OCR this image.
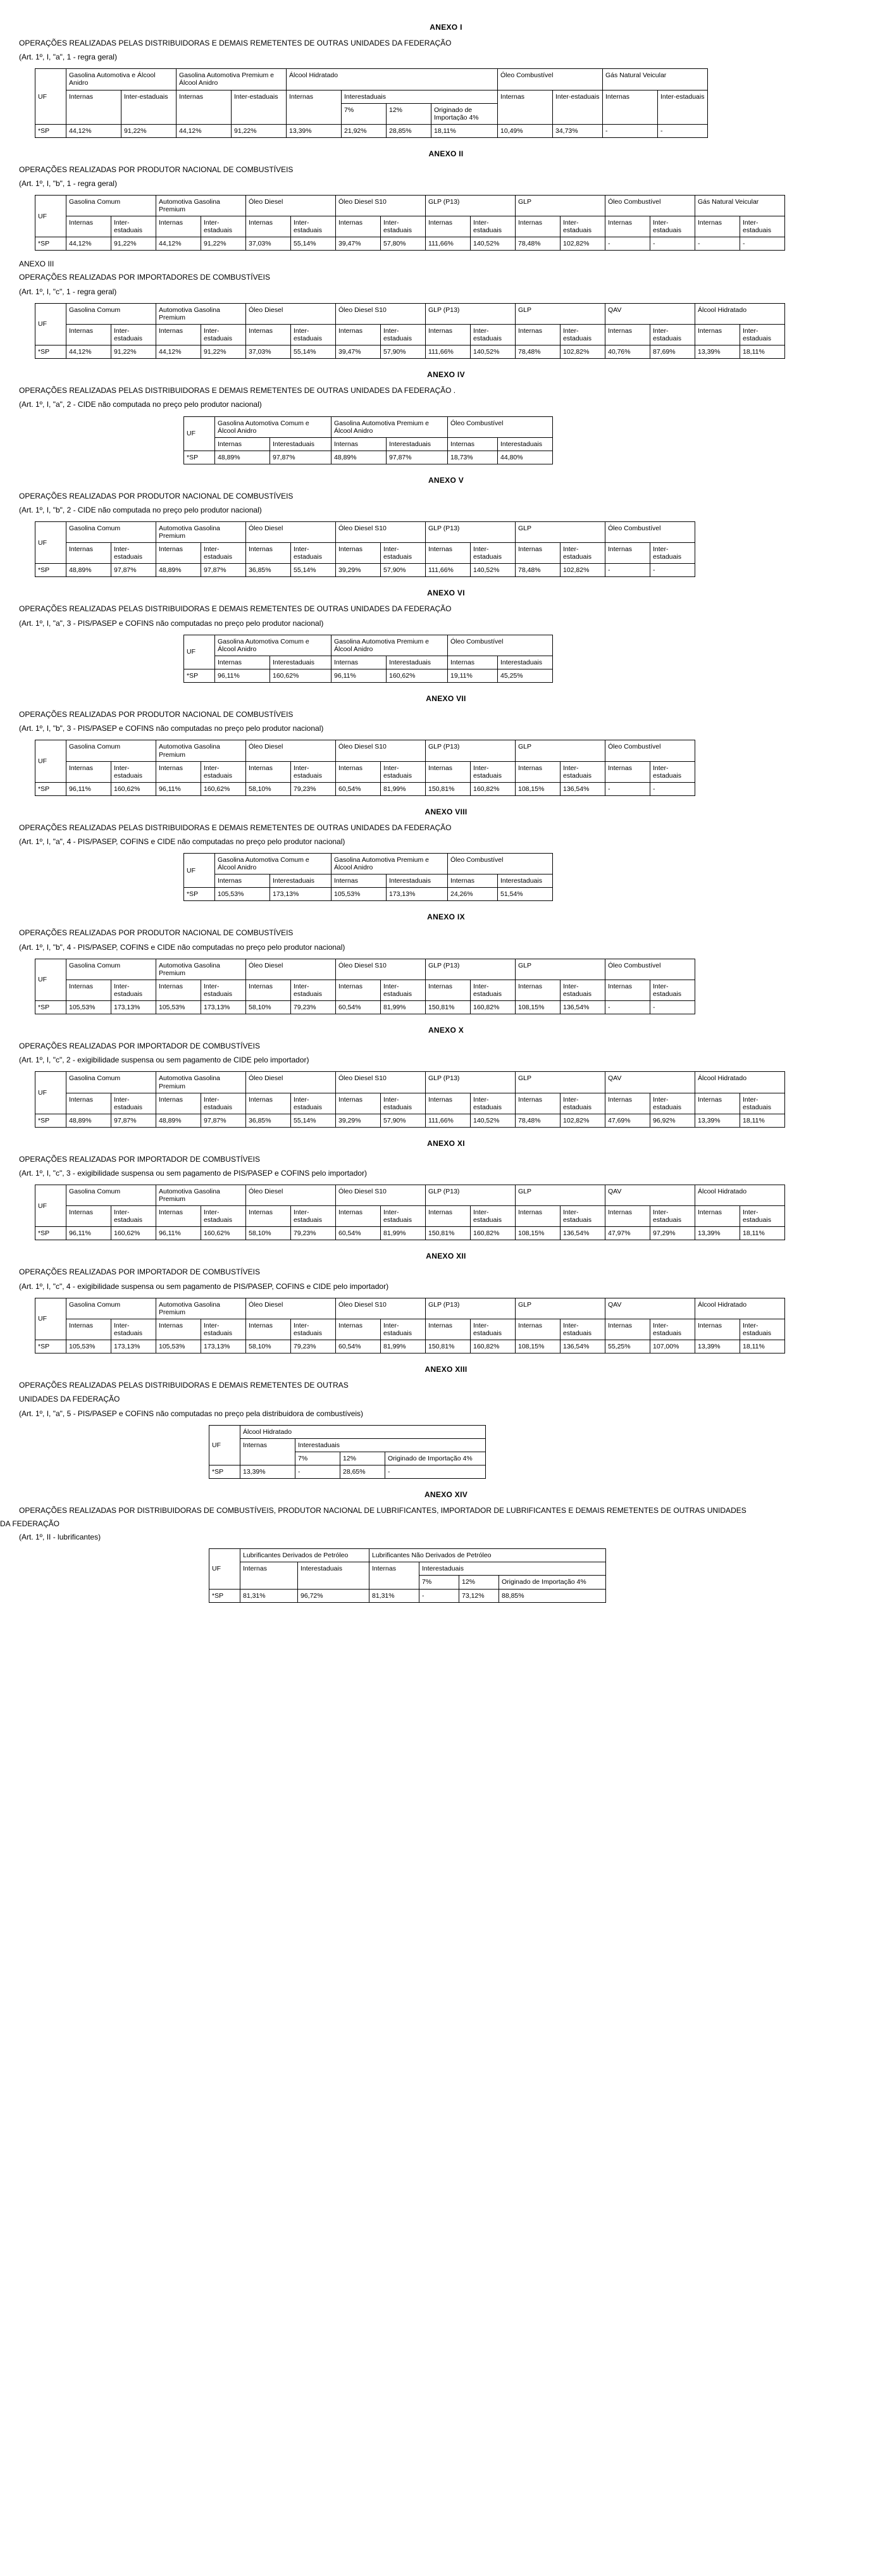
ANEXO I
OPERAÇÕES REALIZADAS PELAS DISTRIBUIDORAS E DEMAIS REMETENTES DE OUTRAS UNIDADES DA FEDERAÇÃO
(Art. 1º, I, "a", 1 - regra geral)
UF	Gasolina Automotiva e Álcool Anidro		Gasolina Automotiva Premium e Álcool Anidro		Álcool Hidratado				Óleo Combustível		Gás Natural Veicular	
	Internas	Inter-estaduais	Internas	Inter-estaduais	Internas	Interestaduais			Internas	Inter-estaduais	Internas	Inter-estaduais
						7%	12%	Originado de Importação 4%				
*SP	44,12%	91,22%	44,12%	91,22%	13,39%	21,92%	28,85%	18,11%	10,49%	34,73%	-	-
ANEXO II
OPERAÇÕES REALIZADAS POR PRODUTOR NACIONAL DE COMBUSTÍVEIS
(Art. 1º, I, "b", 1 - regra geral)
UF	Gasolina Comum		Automotiva Gasolina Premium		Óleo Diesel		Óleo Diesel S10		GLP (P13)		GLP		Óleo Combustível		Gás Natural Veicular	
	Internas	Inter-estaduais	Internas	Inter-estaduais	Internas	Inter-estaduais	Internas	Inter-estaduais	Internas	Inter-estaduais	Internas	Inter-estaduais	Internas	Inter-estaduais	Internas	Inter-estaduais
*SP	44,12%	91,22%	44,12%	91,22%	37,03%	55,14%	39,47%	57,80%	111,66%	140,52%	78,48%	102,82%	-	-	-	-
ANEXO III
OPERAÇÕES REALIZADAS POR IMPORTADORES DE COMBUSTÍVEIS
(Art. 1º, I, "c", 1 - regra geral)
UF	Gasolina Comum		Automotiva Gasolina Premium		Óleo Diesel		Óleo Diesel S10		GLP (P13)		GLP		QAV		Álcool Hidratado	
	Internas	Inter-estaduais	Internas	Inter-estaduais	Internas	Inter-estaduais	Internas	Inter-estaduais	Internas	Inter-estaduais	Internas	Inter-estaduais	Internas	Inter-estaduais	Internas	Inter-estaduais
*SP	44,12%	91,22%	44,12%	91,22%	37,03%	55,14%	39,47%	57,90%	111,66%	140,52%	78,48%	102,82%	40,76%	87,69%	13,39%	18,11%
ANEXO IV
OPERAÇÕES REALIZADAS PELAS DISTRIBUIDORAS E DEMAIS REMETENTES DE OUTRAS UNIDADES DA FEDERAÇÃO .
(Art. 1º, I, "a", 2 - CIDE não computada no preço pelo produtor nacional)
UF	Gasolina Automotiva Comum e Álcool Anidro		Gasolina Automotiva Premium e Álcool Anidro		Óleo Combustível	
	Internas	Interestaduais	Internas	Interestaduais	Internas	Interestaduais
*SP	48,89%	97,87%	48,89%	97,87%	18,73%	44,80%
ANEXO V
OPERAÇÕES REALIZADAS POR PRODUTOR NACIONAL DE COMBUSTÍVEIS
(Art. 1º, I, "b", 2 - CIDE não computada no preço pelo produtor nacional)
UF	Gasolina Comum		Automotiva Gasolina Premium		Óleo Diesel		Óleo Diesel S10		GLP (P13)		GLP		Óleo Combustível	
	Internas	Inter-estaduais	Internas	Inter-estaduais	Internas	Inter-estaduais	Internas	Inter-estaduais	Internas	Inter-estaduais	Internas	Inter-estaduais	Internas	Inter-estaduais
*SP	48,89%	97,87%	48,89%	97,87%	36,85%	55,14%	39,29%	57,90%	111,66%	140,52%	78,48%	102,82%	-	-
ANEXO VI
OPERAÇÕES REALIZADAS PELAS DISTRIBUIDORAS E DEMAIS REMETENTES DE OUTRAS UNIDADES DA FEDERAÇÃO
(Art. 1º, I, "a", 3 - PIS/PASEP e COFINS não computadas no preço pelo produtor nacional)
UF	Gasolina Automotiva Comum e Álcool Anidro		Gasolina Automotiva Premium e Álcool Anidro		Óleo Combustível	
	Internas	Interestaduais	Internas	Interestaduais	Internas	Interestaduais
*SP	96,11%	160,62%	96,11%	160,62%	19,11%	45,25%
ANEXO VII
OPERAÇÕES REALIZADAS POR PRODUTOR NACIONAL DE COMBUSTÍVEIS
(Art. 1º, I, "b", 3 - PIS/PASEP e COFINS não computadas no preço pelo produtor nacional)
UF	Gasolina Comum		Automotiva Gasolina Premium		Óleo Diesel		Óleo Diesel S10		GLP (P13)		GLP		Óleo Combustível	
	Internas	Inter-estaduais	Internas	Inter-estaduais	Internas	Inter-estaduais	Internas	Inter-estaduais	Internas	Inter-estaduais	Internas	Inter-estaduais	Internas	Inter-estaduais
*SP	96,11%	160,62%	96,11%	160,62%	58,10%	79,23%	60,54%	81,99%	150,81%	160,82%	108,15%	136,54%	-	-
ANEXO VIII
OPERAÇÕES REALIZADAS PELAS DISTRIBUIDORAS E DEMAIS REMETENTES DE OUTRAS UNIDADES DA FEDERAÇÃO
(Art. 1º, I, "a", 4 - PIS/PASEP, COFINS e CIDE não computadas no preço pelo produtor nacional)
UF	Gasolina Automotiva Comum e Álcool Anidro		Gasolina Automotiva Premium e Álcool Anidro		Óleo Combustível	
	Internas	Interestaduais	Internas	Interestaduais	Internas	Interestaduais
*SP	105,53%	173,13%	105,53%	173,13%	24,26%	51,54%
ANEXO IX
OPERAÇÕES REALIZADAS POR PRODUTOR NACIONAL DE COMBUSTÍVEIS
(Art. 1º, I, "b", 4 - PIS/PASEP, COFINS e CIDE não computadas no preço pelo produtor nacional)
UF	Gasolina Comum		Automotiva Gasolina Premium		Óleo Diesel		Óleo Diesel S10		GLP (P13)		GLP		Óleo Combustível	
	Internas	Inter-estaduais	Internas	Inter-estaduais	Internas	Inter-estaduais	Internas	Inter-estaduais	Internas	Inter-estaduais	Internas	Inter-estaduais	Internas	Inter-estaduais
*SP	105,53%	173,13%	105,53%	173,13%	58,10%	79,23%	60,54%	81,99%	150,81%	160,82%	108,15%	136,54%	-	-
ANEXO X
OPERAÇÕES REALIZADAS POR IMPORTADOR DE COMBUSTÍVEIS
(Art. 1º, I, "c", 2 - exigibilidade suspensa ou sem pagamento de CIDE pelo importador)
UF	Gasolina Comum		Automotiva Gasolina Premium		Óleo Diesel		Óleo Diesel S10		GLP (P13)		GLP		QAV		Álcool Hidratado	
	Internas	Inter-estaduais	Internas	Inter-estaduais	Internas	Inter-estaduais	Internas	Inter-estaduais	Internas	Inter-estaduais	Internas	Inter-estaduais	Internas	Inter-estaduais	Internas	Inter-estaduais
*SP	48,89%	97,87%	48,89%	97,87%	36,85%	55,14%	39,29%	57,90%	111,66%	140,52%	78,48%	102,82%	47,69%	96,92%	13,39%	18,11%
ANEXO XI
OPERAÇÕES REALIZADAS POR IMPORTADOR DE COMBUSTÍVEIS
(Art. 1º, I, "c", 3 - exigibilidade suspensa ou sem pagamento de PIS/PASEP e COFINS pelo importador)
UF	Gasolina Comum		Automotiva Gasolina Premium		Óleo Diesel		Óleo Diesel S10		GLP (P13)		GLP		QAV		Álcool Hidratado	
	Internas	Inter-estaduais	Internas	Inter-estaduais	Internas	Inter-estaduais	Internas	Inter-estaduais	Internas	Inter-estaduais	Internas	Inter-estaduais	Internas	Inter-estaduais	Internas	Inter-estaduais
*SP	96,11%	160,62%	96,11%	160,62%	58,10%	79,23%	60,54%	81,99%	150,81%	160,82%	108,15%	136,54%	47,97%	97,29%	13,39%	18,11%
ANEXO XII
OPERAÇÕES REALIZADAS POR IMPORTADOR DE COMBUSTÍVEIS
(Art. 1º, I, "c", 4 - exigibilidade suspensa ou sem pagamento de PIS/PASEP, COFINS e CIDE pelo importador)
UF	Gasolina Comum		Automotiva Gasolina Premium		Óleo Diesel		Óleo Diesel S10		GLP (P13)		GLP		QAV		Álcool Hidratado	
	Internas	Inter-estaduais	Internas	Inter-estaduais	Internas	Inter-estaduais	Internas	Inter-estaduais	Internas	Inter-estaduais	Internas	Inter-estaduais	Internas	Inter-estaduais	Internas	Inter-estaduais
*SP	105,53%	173,13%	105,53%	173,13%	58,10%	79,23%	60,54%	81,99%	150,81%	160,82%	108,15%	136,54%	55,25%	107,00%	13,39%	18,11%
ANEXO XIII
OPERAÇÕES REALIZADAS PELAS DISTRIBUIDORAS E DEMAIS REMETENTES DE OUTRAS
UNIDADES DA FEDERAÇÃO
(Art. 1º, I, "a", 5 - PIS/PASEP e COFINS não computadas no preço pela distribuidora de combustíveis)
UF	Álcool Hidratado			
	Internas	Interestaduais		
		7%	12%	Originado de Importação 4%
*SP	13,39%	-	28,65%	-
ANEXO XIV
OPERAÇÕES REALIZADAS POR DISTRIBUIDORAS DE COMBUSTÍVEIS, PRODUTOR NACIONAL DE LUBRIFICANTES, IMPORTADOR DE LUBRIFICANTES E DEMAIS REMETENTES DE OUTRAS UNIDADES
DA FEDERAÇÃO
(Art. 1º, II - lubrificantes)
UF	Lubrificantes Derivados de Petróleo		Lubrificantes Não Derivados de Petróleo			
	Internas	Interestaduais	Internas	Interestaduais		
				7%	12%	Originado de Importação 4%
*SP	81,31%	96,72%	81,31%	-	73,12%	88,85%
